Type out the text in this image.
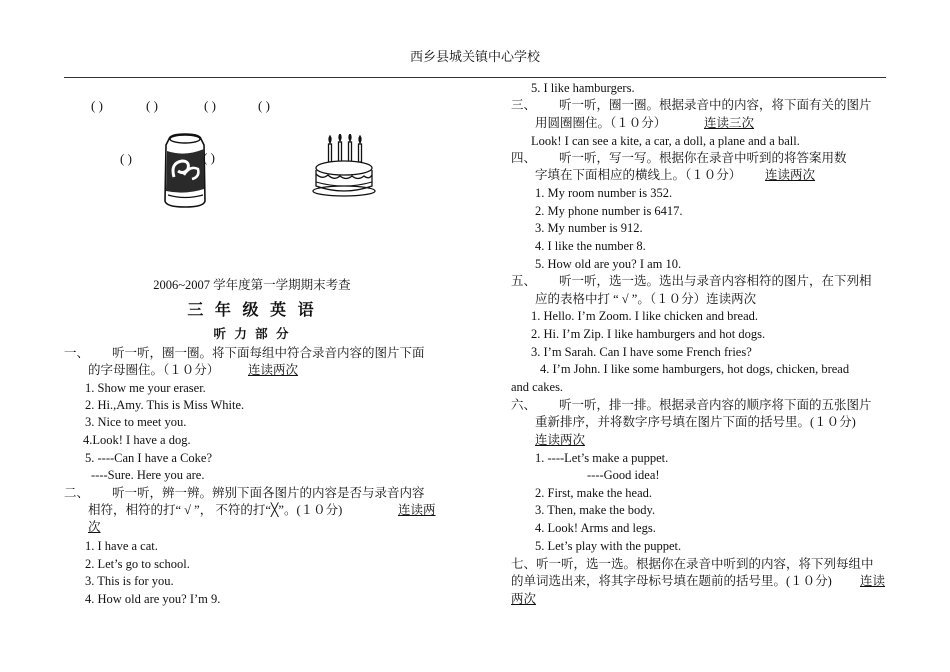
西乡县城关镇中心学校
( )	( )	( )	( )
( )	( )
2006~2007 学年度第一学期期末考查
三 年 级 英 语
听 力 部 分
一、 听一听，圈一圈。将下面每组中符合录音内容的图片下面
的字母圈住。（１０分） 连读两次
1. Show me your eraser.
2. Hi.,Amy. This is Miss White.
3. Nice to meet you.
4.Look! I have a dog.
5. ----Can I have a Coke?
----Sure. Here you are.
二、 听一听，辨一辨。辨别下面各图片的内容是否与录音内容
相符，相符的打“ √ ”， 不符的打“╳”。(１０分)	连读两
次
1. I have a cat.
2. Let’s go to school.
3. This is for you.
4. How old are you? I’m 9.
5. I like hamburgers.
三、 听一听，圈一圈。根据录音中的内容，将下面有关的图片
用圆圈圈住。（１０分）	连读三次
Look! I can see a kite, a car, a doll, a plane and a ball.
四、 听一听，写一写。根据你在录音中听到的将答案用数
字填在下面相应的横线上。（１０分） 连读两次
1. My room number is 352.
2. My phone number is 6417.
3. My number is 912.
4. I like the number 8.
5. How old are you? I am 10.
五、 听一听，选一选。选出与录音内容相符的图片，在下列相
应的表格中打 “ √ ”。（１０分）连读两次
1. Hello. I’m Zoom. I like chicken and bread.
2. Hi. I’m Zip. I like hamburgers and hot dogs.
3. I’m Sarah. Can I have some French fries?
4. I’m John. I like some hamburgers, hot dogs, chicken, bread
and cakes.
六、 听一听，排一排。根据录音内容的顺序将下面的五张图片
重新排序，并将数字序号填在图片下面的括号里。(１０分)
连读两次
1. ----Let’s make a puppet.
----Good idea!
2. First, make the head.
3. Then, make the body.
4. Look! Arms and legs.
5. Let’s play with the puppet.
七、听一听，选一选。根据你在录音中听到的内容，将下列每组中
的单词选出来，将其字母标号填在题前的括号里。(１０分) 连读
两次
